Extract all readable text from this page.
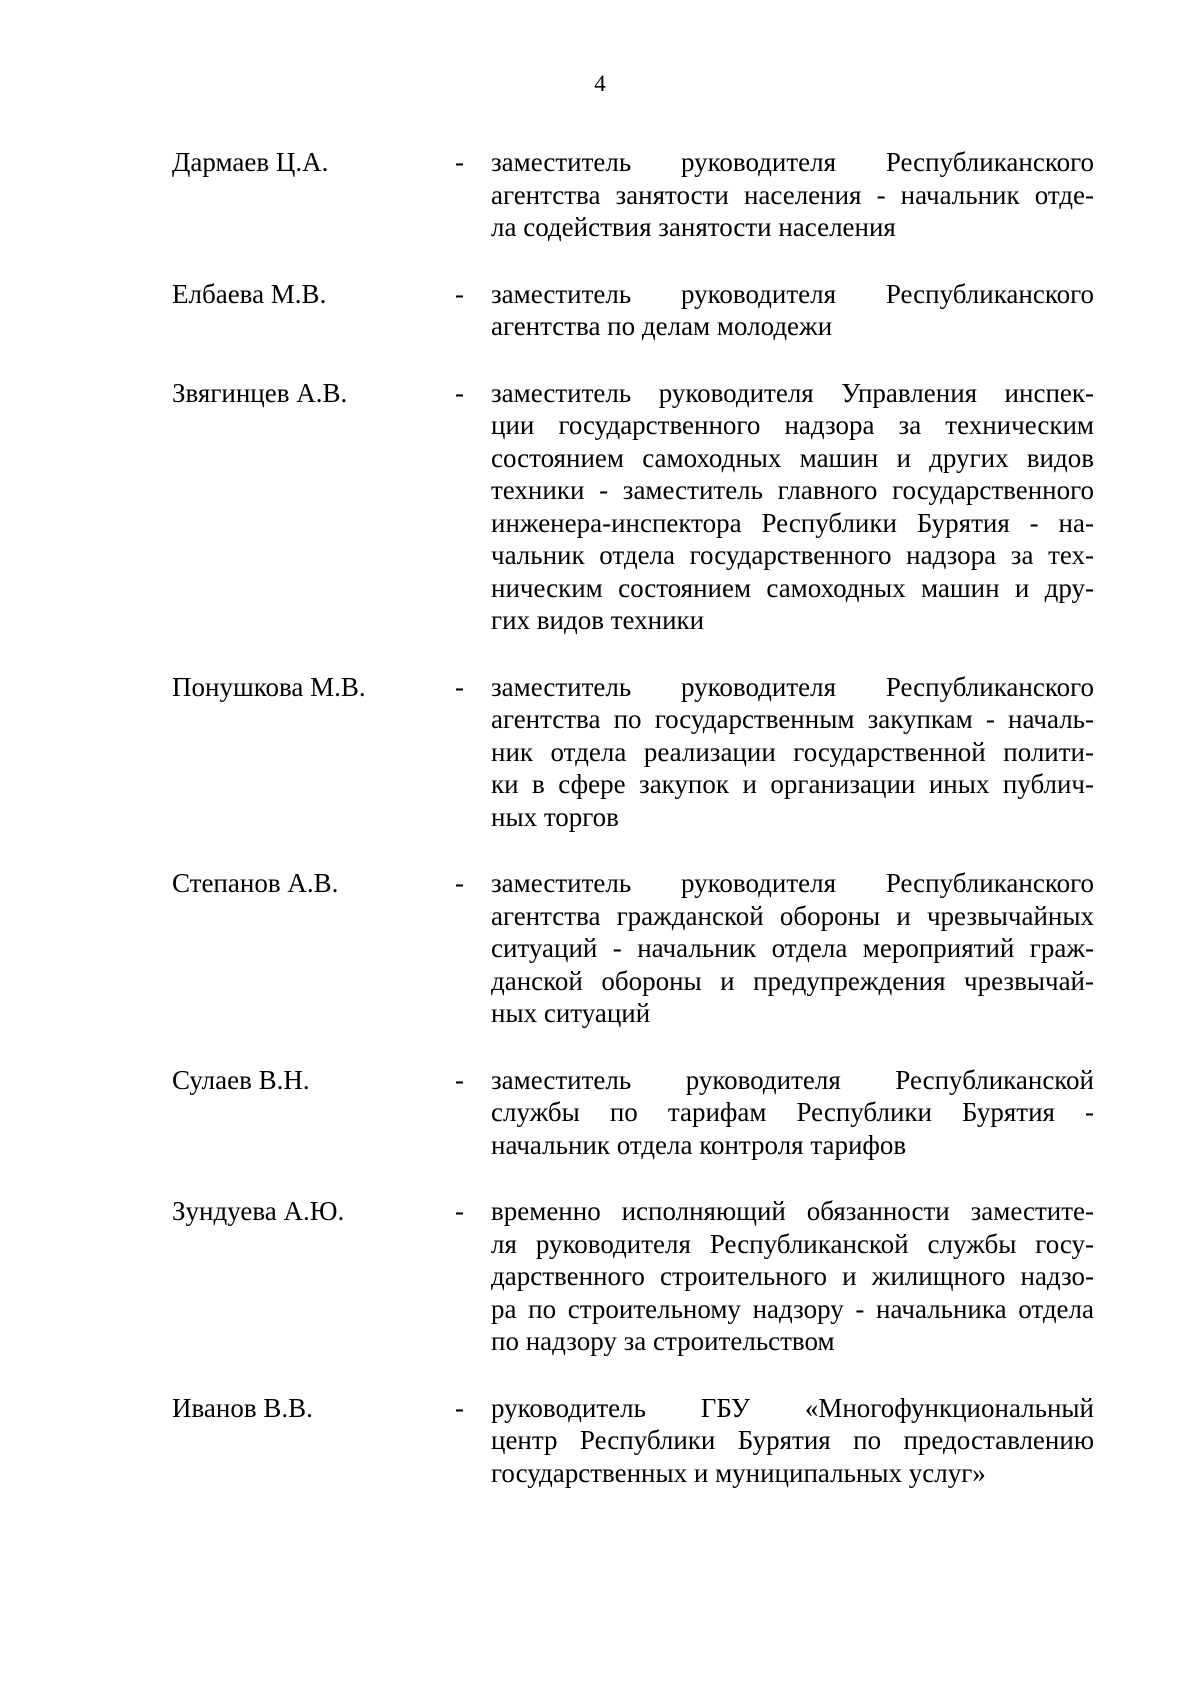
4
Дармаев Ц.А.	-	заместитель руководителя Республиканского
агентства занятости населения - начальник отде-
ла содействия занятости населения
Елбаева М.В.	-	заместитель руководителя Республиканского
агентства по делам молодежи
Звягинцев А.В.	-	заместитель руководителя Управления инспек-
ции государственного надзора за техническим
состоянием самоходных машин и других видов
техники - заместитель главного государственного
инженера-инспектора Республики Бурятия - на-
чальник отдела государственного надзора за тех-
ническим состоянием самоходных машин и дру-
гих видов техники
Понушкова М.В.	-	заместитель руководителя Республиканского
агентства по государственным закупкам - началь-
ник отдела реализации государственной полити-
ки в сфере закупок и организации иных публич-
ных торгов
Степанов А.В.	-	заместитель руководителя Республиканского
агентства гражданской обороны и чрезвычайных
ситуаций - начальник отдела мероприятий граж-
данской обороны и предупреждения чрезвычай-
ных ситуаций
Сулаев В.Н.	-	заместитель руководителя Республиканской
службы по тарифам Республики Бурятия -
начальник отдела контроля тарифов
Зундуева А.Ю.	-	временно исполняющий обязанности заместите-
ля руководителя Республиканской службы госу-
дарственного строительного и жилищного надзо-
ра по строительному надзору - начальника отдела
по надзору за строительством
Иванов В.В.	-	руководитель ГБУ «Многофункциональный
центр Республики Бурятия по предоставлению
государственных и муниципальных услуг»
